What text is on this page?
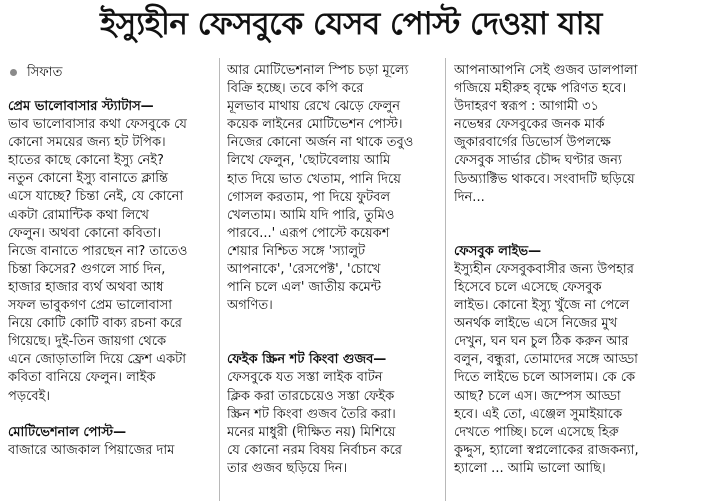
ইস্যুহীন ফেসবুকে যেসব পোস্ট দেওয়া যায়
সিফাত
প্রেম ভালোবাসার স্ট্যাটাস—
ভাব ভালোবাসার কথা ফেসবুকে যে
কোনো সময়ের জন্য হট টপিক।
হাতের কাছে কোনো ইস্যু নেই?
নতুন কোনো ইস্যু বানাতে ক্লান্তি
এসে যাচ্ছে? চিন্তা নেই, যে কোনো
একটা রোমান্টিক কথা লিখে
ফেলুন। অথবা কোনো কবিতা।
নিজে বানাতে পারছেন না? তাতেও
চিন্তা কিসের? গুগলে সার্চ দিন,
হাজার হাজার ব্যর্থ অথবা আধ
সফল ভাবুকগণ প্রেম ভালোবাসা
নিয়ে কোটি কোটি বাক্য রচনা করে
গিয়েছে। দুই-তিন জায়গা থেকে
এনে জোড়াতালি দিয়ে ফ্রেশ একটা
কবিতা বানিয়ে ফেলুন। লাইক
পড়বেই।
মোটিভেশনাল পোস্ট—
বাজারে আজকাল পিয়াজের দাম
আর মোটিভেশনাল স্পিচ চড়া মূল্যে
বিক্রি হচ্ছে। তবে কপি করে
মূলভাব মাথায় রেখে ঝেড়ে ফেলুন
কয়েক লাইনের মোটিভেশন পোস্ট।
নিজের কোনো অর্জন না থাকে তবুও
লিখে ফেলুন, 'ছোটবেলায় আমি
হাত দিয়ে ভাত খেতাম, পানি দিয়ে
গোসল করতাম, পা দিয়ে ফুটবল
খেলতাম। আমি যদি পারি, তুমিও
পারবে...' এরূপ পোস্টে কয়েকশ
শেয়ার নিশ্চিত সঙ্গে 'স্যালুট
আপনাকে', 'রেসপেক্ট', 'চোখে
পানি চলে এল' জাতীয় কমেন্ট
অগণিত।
ফেইক স্ক্রিন শট কিংবা গুজব—
ফেসবুকে যত সস্তা লাইক বাটন
ক্লিক করা তারচেয়েও সস্তা ফেইক
স্ক্রিন শট কিংবা গুজব তৈরি করা।
মনের মাধুরী (দীক্ষিত নয়) মিশিয়ে
যে কোনো নরম বিষয় নির্বাচন করে
তার গুজব ছড়িয়ে দিন।
আপনাআপনি সেই গুজব ডালপালা
গজিয়ে মহীরুহ বৃক্ষে পরিণত হবে।
উদাহরণ স্বরূপ : আগামী ৩১
নভেম্বর ফেসবুকের জনক মার্ক
জুকারবার্গের ডিভোর্স উপলক্ষে
ফেসবুক সার্ভার চৌদ্দ ঘণ্টার জন্য
ডিঅ্যাক্টিভ থাকবে। সংবাদটি ছড়িয়ে
দিন...
ফেসবুক লাইভ—
ইস্যুহীন ফেসবুকবাসীর জন্য উপহার
হিসেবে চলে এসেছে ফেসবুক
লাইভ। কোনো ইস্যু খুঁজে না পেলে
অনর্থক লাইভে এসে নিজের মুখ
দেখুন, ঘন ঘন চুল ঠিক করুন আর
বলুন, বন্ধুরা, তোমাদের সঙ্গে আড্ডা
দিতে লাইভে চলে আসলাম। কে কে
আছ? চলে এস। জম্পেস আড্ডা
হবে। এই তো, এঞ্জেল সুমাইয়াকে
দেখতে পাচ্ছি। চলে এসেছে হিরু
কুদ্দুস, হ্যালো স্বপ্নলোকের রাজকন্যা,
হ্যালো ... আমি ভালো আছি।
